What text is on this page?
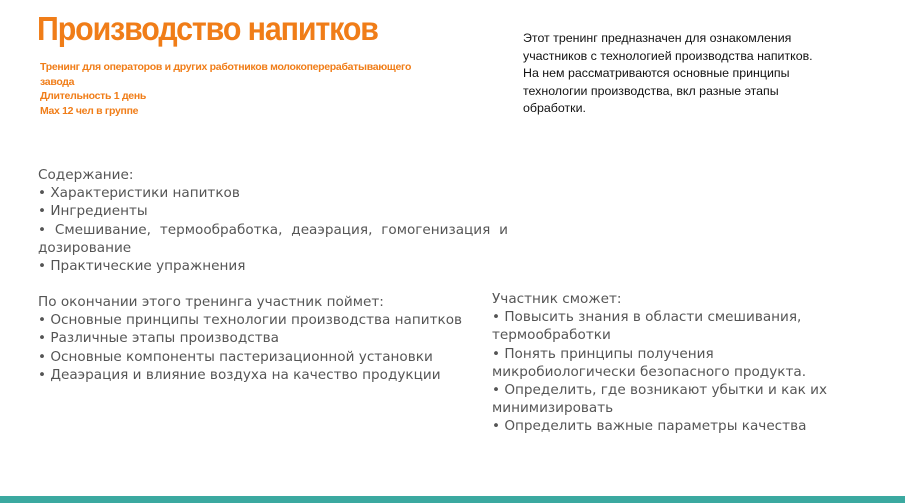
Производство напитков
Тренинг для операторов и других работников молокоперерабатывающего завода
Длительность 1 день
Max 12 чел в группе
Этот тренинг предназначен для ознакомления
участников с технологией производства напитков.
На нем рассматриваются основные принципы
технологии производства, вкл разные этапы
обработки.
Содержание:
• Характеристики напитков
• Ингредиенты
• Смешивание, термообработка, деаэрация, гомогенизация и
дозирование
• Практические упражнения
По окончании этого тренинга участник поймет:
• Основные принципы технологии производства напитков
• Различные этапы производства
• Основные компоненты пастеризационной установки
• Деаэрация и влияние воздуха на качество продукции
Участник сможет:
• Повысить знания в области смешивания,
термообработки
• Понять принципы получения
микробиологически безопасного продукта.
• Определить, где возникают убытки и как их
минимизировать
• Определить важные параметры качества
